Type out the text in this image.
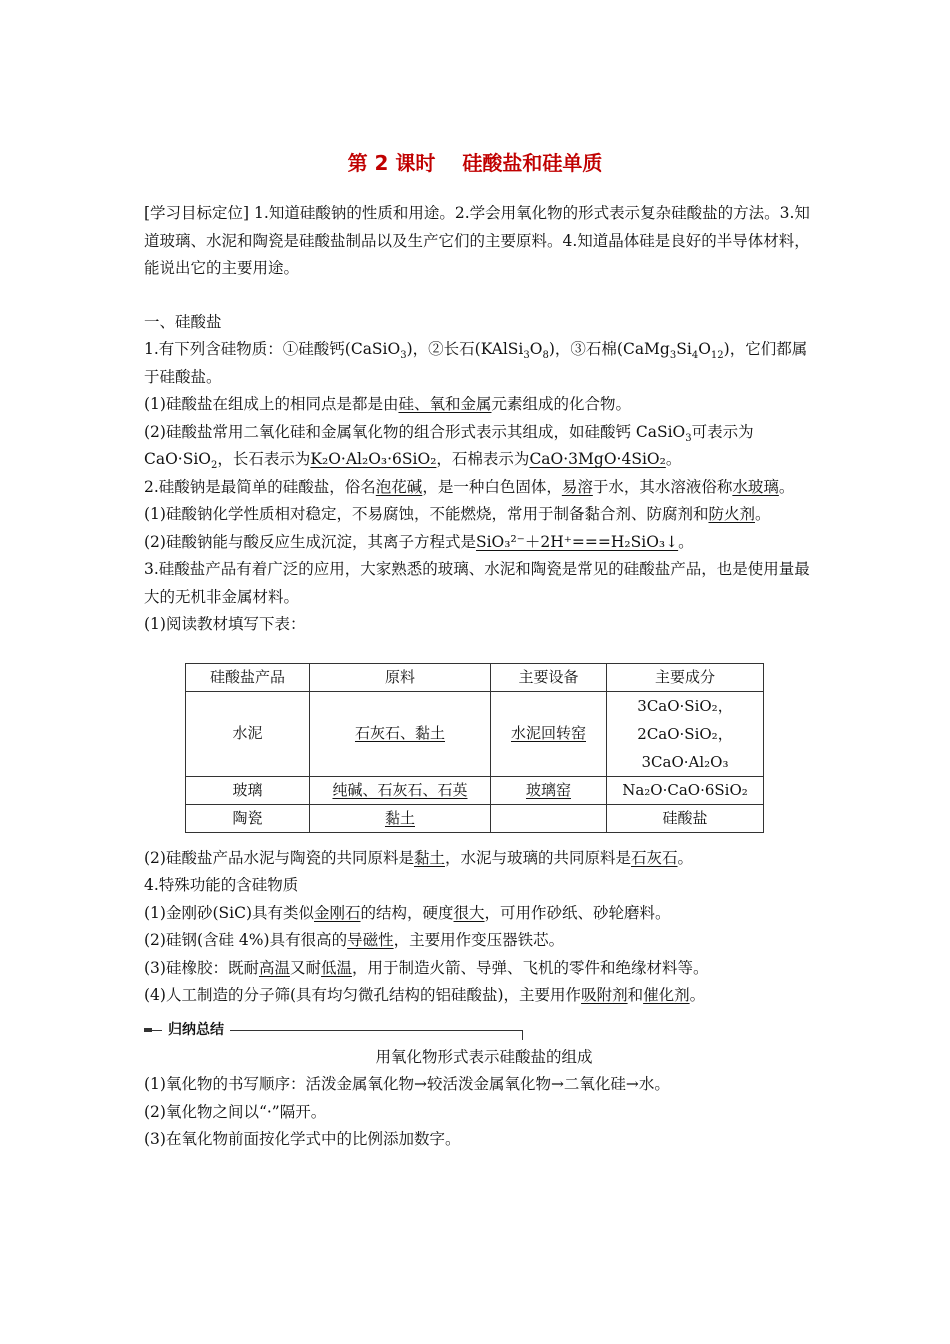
第 2 课时 硅酸盐和硅单质

[学习目标定位] 1.知道硅酸钠的性质和用途。2.学会用氧化物的形式表示复杂硅酸盐的方法。3.知道玻璃、水泥和陶瓷是硅酸盐制品以及生产它们的主要原料。4.知道晶体硅是良好的半导体材料，能说出它的主要用途。

一、硅酸盐

1.有下列含硅物质：①硅酸钙(CaSiO$_3$)，②长石$(KAlSi_3O_8)$，③石棉$(CaMg_3Si_4O_{12})$，它们都属于硅酸盐。

(1)硅酸盐在组成上的相同点是都是由硅、氧和金属元素组成的化合物。

(2)硅酸盐常用二氧化硅和金属氧化物的组合形式表示其组成，如硅酸钙 CaSiO$_3$可表示为 CaO·SiO$_2$，长石表示为K₂O·Al₂O₃·6SiO₂，石棉表示为CaO·3MgO·4SiO₂。

2.硅酸钠是最简单的硅酸盐，俗名泡花碱，是一种白色固体，易溶于水，其水溶液俗称水玻璃。

(1)硅酸钠化学性质相对稳定，不易腐蚀，不能燃烧，常用于制备黏合剂、防腐剂和防火剂。

(2)硅酸钠能与酸反应生成沉淀，其离子方程式是SiO₃²⁻＋2H⁺===H₂SiO₃↓。

3.硅酸盐产品有着广泛的应用，大家熟悉的玻璃、水泥和陶瓷是常见的硅酸盐产品，也是使用量最大的无机非金属材料。

(1)阅读教材填写下表：

硅酸盐产品	原料	主要设备	主要成分
水泥	石灰石、黏土	水泥回转窑	3CaO·SiO₂，2CaO·SiO₂，3CaO·Al₂O₃
玻璃	纯碱、石灰石、石英	玻璃窑	Na₂O·CaO·6SiO₂
陶瓷	黏土		硅酸盐

(2)硅酸盐产品水泥与陶瓷的共同原料是黏土，水泥与玻璃的共同原料是石灰石。

4.特殊功能的含硅物质

(1)金刚砂(SiC)具有类似金刚石的结构，硬度很大，可用作砂纸、砂轮磨料。

(2)硅钢(含硅 4%)具有很高的导磁性，主要用作变压器铁芯。

(3)硅橡胶：既耐高温又耐低温，用于制造火箭、导弹、飞机的零件和绝缘材料等。

(4)人工制造的分子筛(具有均匀微孔结构的铝硅酸盐)，主要用作吸附剂和催化剂。

归纳总结

用氧化物形式表示硅酸盐的组成

(1)氧化物的书写顺序：活泼金属氧化物→较活泼金属氧化物→二氧化硅→水。

(2)氧化物之间以“·”隔开。

(3)在氧化物前面按化学式中的比例添加数字。
